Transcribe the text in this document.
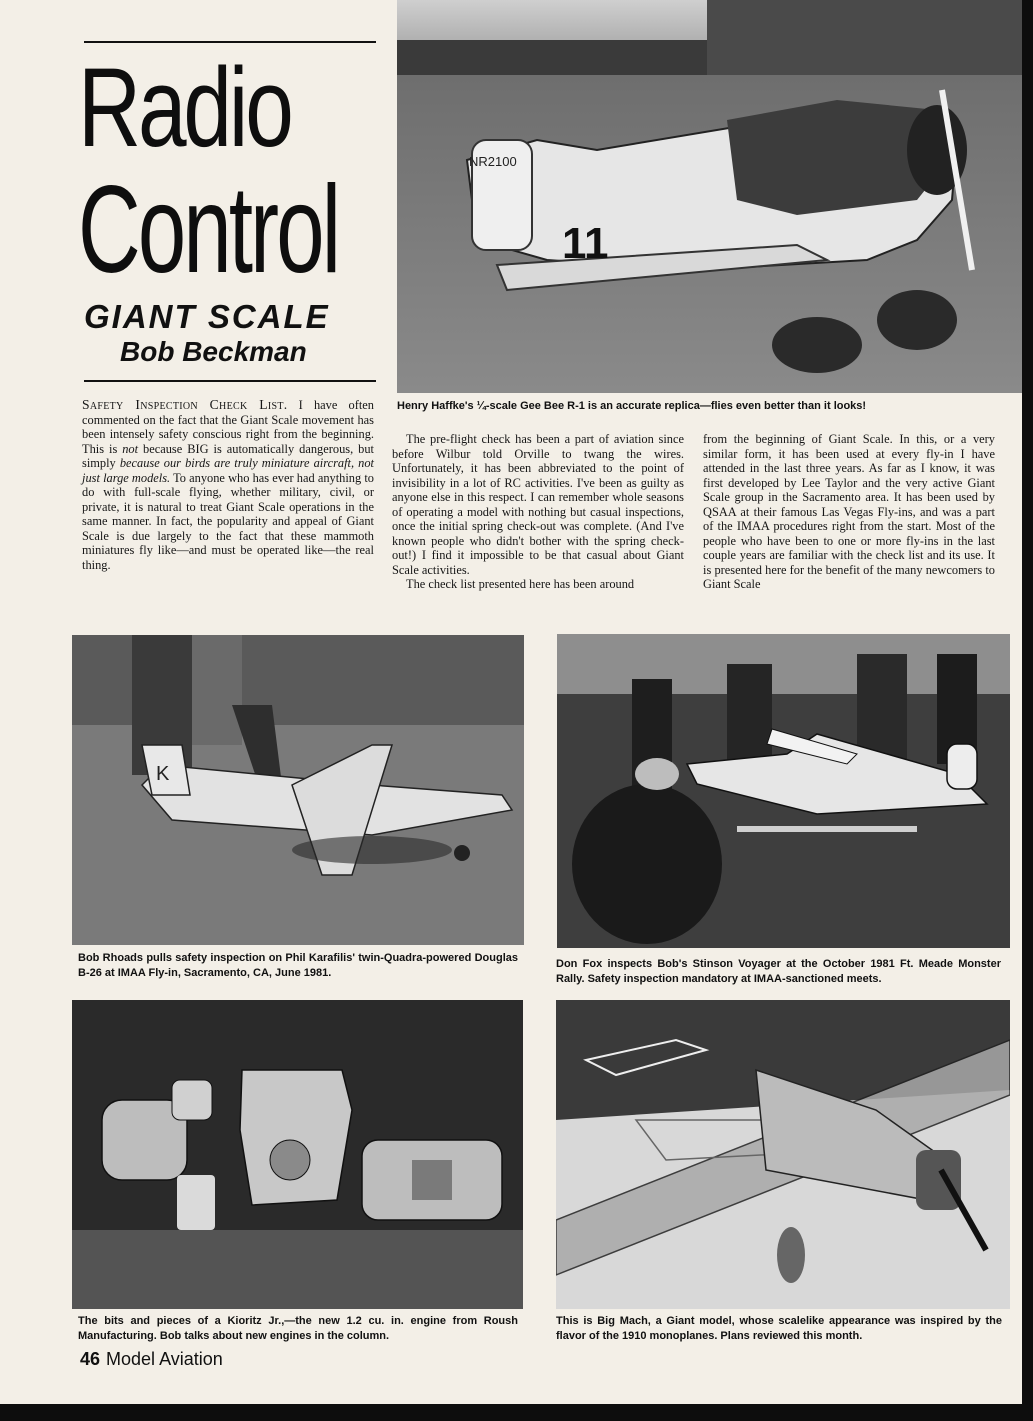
Radio
Control
GIANT SCALE
Bob Beckman
NR2100
11
Henry Haffke's ¼-scale Gee Bee R-1 is an accurate replica—flies even better than it looks!

Safety Inspection Check List. I have often commented on the fact that the Giant Scale movement has been intensely safety conscious right from the beginning. This is not because BIG is automatically dangerous, but simply because our birds are truly miniature aircraft, not just large models. To anyone who has ever had anything to do with full-scale flying, whether military, civil, or private, it is natural to treat Giant Scale operations in the same manner. In fact, the popularity and appeal of Giant Scale is due largely to the fact that these mammoth miniatures fly like—and must be operated like—the real thing.

The pre-flight check has been a part of aviation since before Wilbur told Orville to twang the wires. Unfortunately, it has been abbreviated to the point of invisibility in a lot of RC activities. I've been as guilty as anyone else in this respect. I can remember whole seasons of operating a model with nothing but casual inspections, once the initial spring check-out was complete. (And I've known people who didn't bother with the spring check-out!) I find it impossible to be that casual about Giant Scale activities.

The check list presented here has been around

from the beginning of Giant Scale. In this, or a very similar form, it has been used at every fly-in I have attended in the last three years. As far as I know, it was first developed by Lee Taylor and the very active Giant Scale group in the Sacramento area. It has been used by QSAA at their famous Las Vegas Fly-ins, and was a part of the IMAA procedures right from the start. Most of the people who have been to one or more fly-ins in the last couple years are familiar with the check list and its use. It is presented here for the benefit of the many newcomers to Giant Scale

K
Bob Rhoads pulls safety inspection on Phil Karafilis' twin-Quadra-powered Douglas B-26 at IMAA Fly-in, Sacramento, CA, June 1981.
Don Fox inspects Bob's Stinson Voyager at the October 1981 Ft. Meade Monster Rally. Safety inspection mandatory at IMAA-sanctioned meets.
The bits and pieces of a Kioritz Jr.,—the new 1.2 cu. in. engine from Roush Manufacturing. Bob talks about new engines in the column.
This is Big Mach, a Giant model, whose scalelike appearance was inspired by the flavor of the 1910 monoplanes. Plans reviewed this month.
46 Model Aviation
